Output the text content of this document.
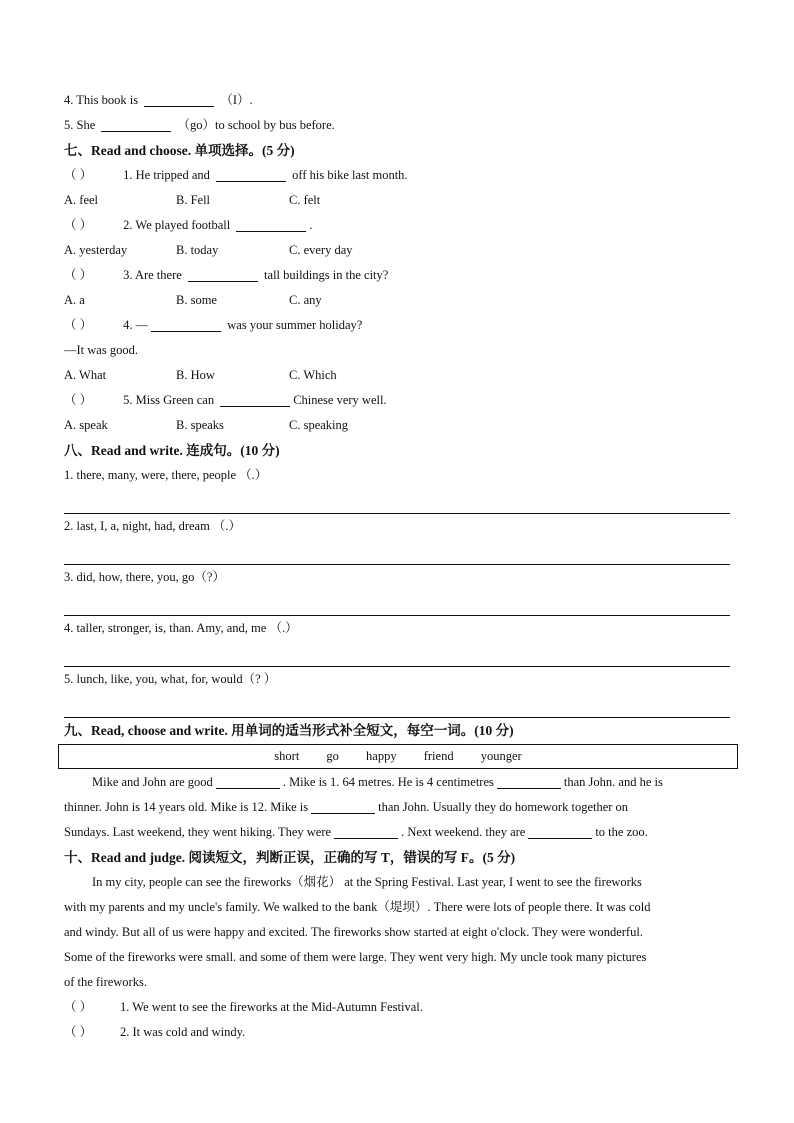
4. This book is	（I）.
5. She	（go）to school by bus before.
七、Read and choose. 单项选择。(5 分)
（ ） 1. He tripped and	off his bike last month.
A. feel	B. Fell	C. felt
（ ） 2. We played football	.
A. yesterday	B. today	C. every day
（ ） 3. Are there	tall buildings in the city?
A. a	B. some	C. any
（ ） 4. —	was your summer holiday?
—It was good.
A. What	B. How	C. Which
（ ） 5. Miss Green can	Chinese very well.
A. speak	B. speaks	C. speaking
八、Read and write. 连成句。(10 分)
1. there, many, were, there, people （.）
2. last, I, a, night, had, dream （.）
3. did, how, there, you, go（?）
4. taller, stronger, is, than. Amy, and, me （.）
5. lunch, like, you, what, for, would（? ）
九、Read, choose and write. 用单词的适当形式补全短文，每空一词。(10 分)
short go happy friend younger
Mike and John are good	. Mike is 1. 64 metres. He is 4 centimetres	than John. and he is
thinner. John is 14 years old. Mike is 12. Mike is	than John. Usually they do homework together on
Sundays. Last weekend, they went hiking. They were	. Next weekend. they are	to the zoo.
十、Read and judge. 阅读短文，判断正误，正确的写 T，错误的写 F。(5 分)
In my city, people can see the fireworks（烟花） at the Spring Festival. Last year, I went to see the fireworks
with my parents and my uncle's family. We walked to the bank（堤坝）. There were lots of people there. It was cold
and windy. But all of us were happy and excited. The fireworks show started at eight o'clock. They were wonderful.
Some of the fireworks were small. and some of them were large. They went very high. My uncle took many pictures
of the fireworks.
（ ） 1. We went to see the fireworks at the Mid-Autumn Festival.
（ ） 2. It was cold and windy.
